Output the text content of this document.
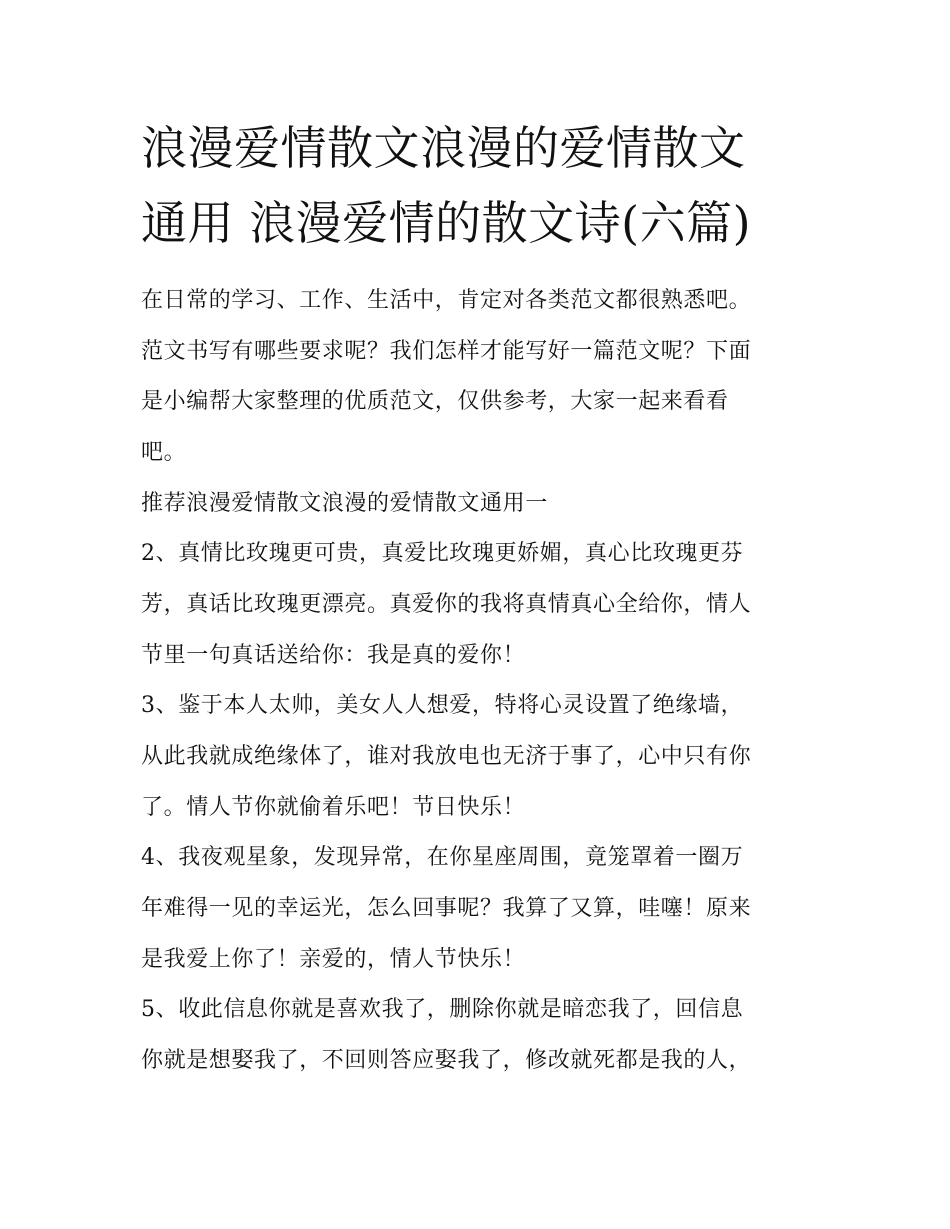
浪漫爱情散文浪漫的爱情散文
通用 浪漫爱情的散文诗(六篇)
在日常的学习、工作、生活中，肯定对各类范文都很熟悉吧。
范文书写有哪些要求呢？我们怎样才能写好一篇范文呢？下面
是小编帮大家整理的优质范文，仅供参考，大家一起来看看
吧。
推荐浪漫爱情散文浪漫的爱情散文通用一
2、真情比玫瑰更可贵，真爱比玫瑰更娇媚，真心比玫瑰更芬
芳，真话比玫瑰更漂亮。真爱你的我将真情真心全给你，情人
节里一句真话送给你：我是真的爱你！
3、鉴于本人太帅，美女人人想爱，特将心灵设置了绝缘墙，
从此我就成绝缘体了，谁对我放电也无济于事了，心中只有你
了。情人节你就偷着乐吧！节日快乐！
4、我夜观星象，发现异常，在你星座周围，竟笼罩着一圈万
年难得一见的幸运光，怎么回事呢？我算了又算，哇噻！原来
是我爱上你了！亲爱的，情人节快乐！
5、收此信息你就是喜欢我了，删除你就是暗恋我了，回信息
你就是想娶我了，不回则答应娶我了，修改就死都是我的人，
